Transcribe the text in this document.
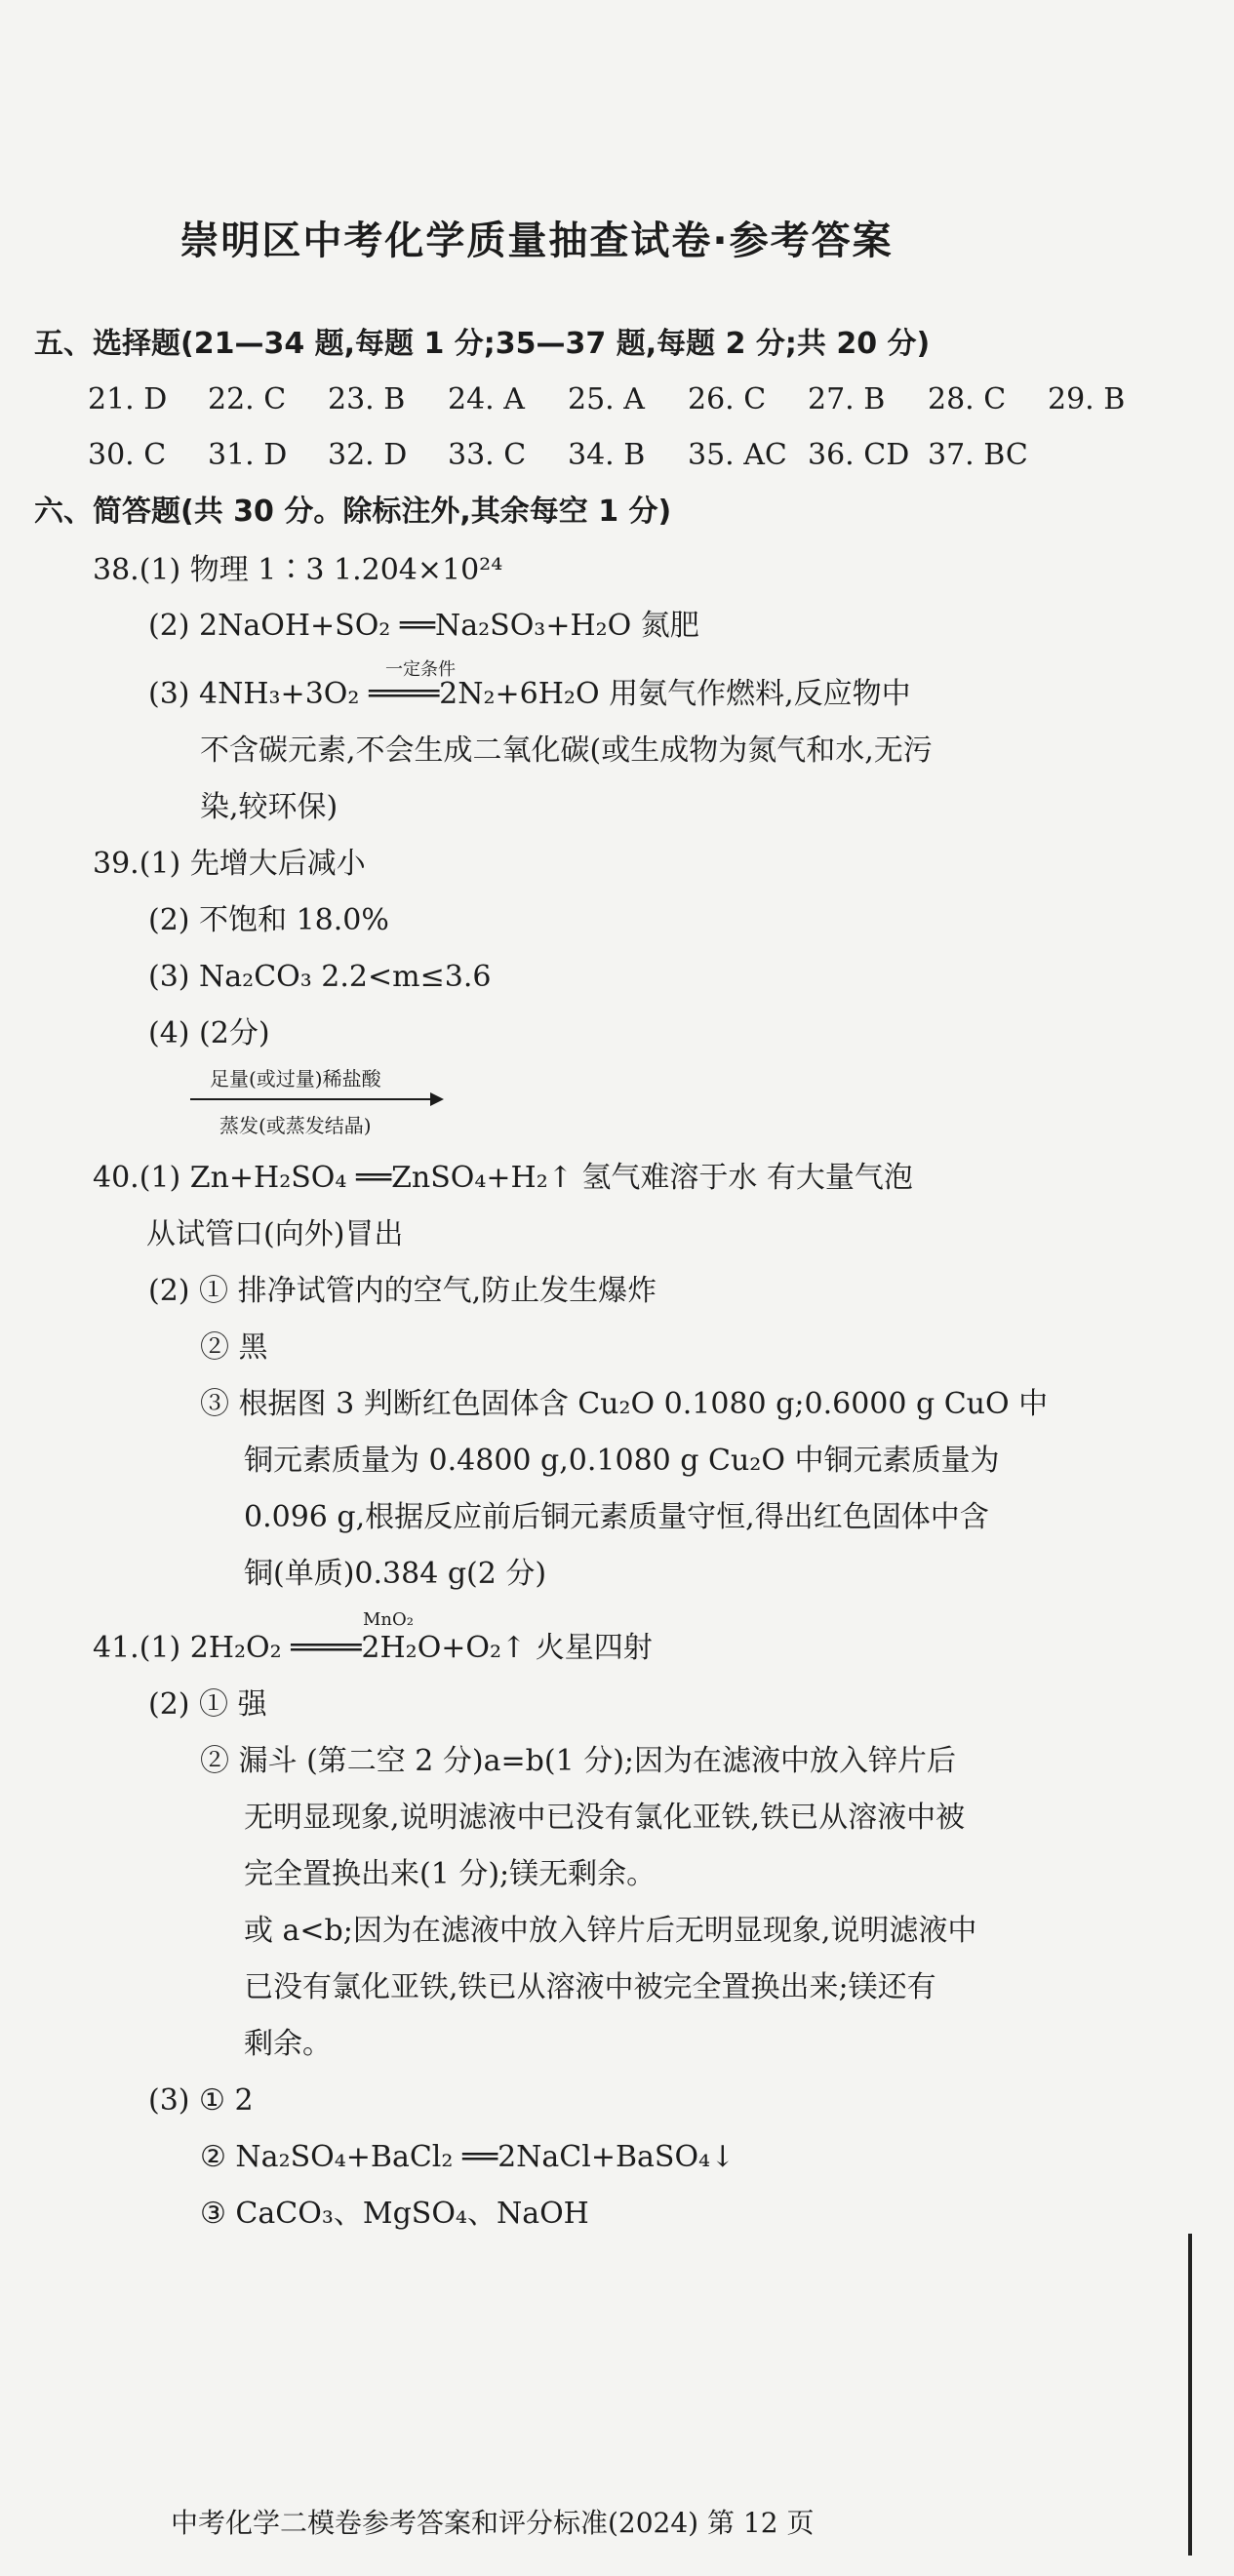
崇明区中考化学质量抽查试卷·参考答案
五、选择题(21—34 题,每题 1 分;35—37 题,每题 2 分;共 20 分)
21. D 22. C 23. B 24. A 25. A 26. C 27. B 28. C 29. B
30. C 31. D 32. D 33. C 34. B 35. AC 36. CD 37. BC
六、简答题(共 30 分。除标注外,其余每空 1 分)
38.(1) 物理 1∶3 1.204×10²⁴
(2) 2NaOH+SO₂ ══Na₂SO₃+H₂O 氮肥
一定条件
(3) 4NH₃+3O₂ ════2N₂+6H₂O 用氨气作燃料,反应物中
不含碳元素,不会生成二氧化碳(或生成物为氮气和水,无污
染,较环保)
39.(1) 先增大后减小
(2) 不饱和 18.0%
(3) Na₂CO₃ 2.2<m≤3.6
(4) (2分)
足量(或过量)稀盐酸
蒸发(或蒸发结晶)
40.(1) Zn+H₂SO₄ ══ZnSO₄+H₂↑ 氢气难溶于水 有大量气泡
从试管口(向外)冒出
(2) ① 排净试管内的空气,防止发生爆炸
② 黑
③ 根据图 3 判断红色固体含 Cu₂O 0.1080 g;0.6000 g CuO 中
铜元素质量为 0.4800 g,0.1080 g Cu₂O 中铜元素质量为
0.096 g,根据反应前后铜元素质量守恒,得出红色固体中含
铜(单质)0.384 g(2 分)
MnO₂
41.(1) 2H₂O₂ ════2H₂O+O₂↑ 火星四射
(2) ① 强
② 漏斗 (第二空 2 分)a=b(1 分);因为在滤液中放入锌片后
无明显现象,说明滤液中已没有氯化亚铁,铁已从溶液中被
完全置换出来(1 分);镁无剩余。
或 a<b;因为在滤液中放入锌片后无明显现象,说明滤液中
已没有氯化亚铁,铁已从溶液中被完全置换出来;镁还有
剩余。
(3) ① 2
② Na₂SO₄+BaCl₂ ══2NaCl+BaSO₄↓
③ CaCO₃、MgSO₄、NaOH
中考化学二模卷参考答案和评分标准(2024) 第 12 页
